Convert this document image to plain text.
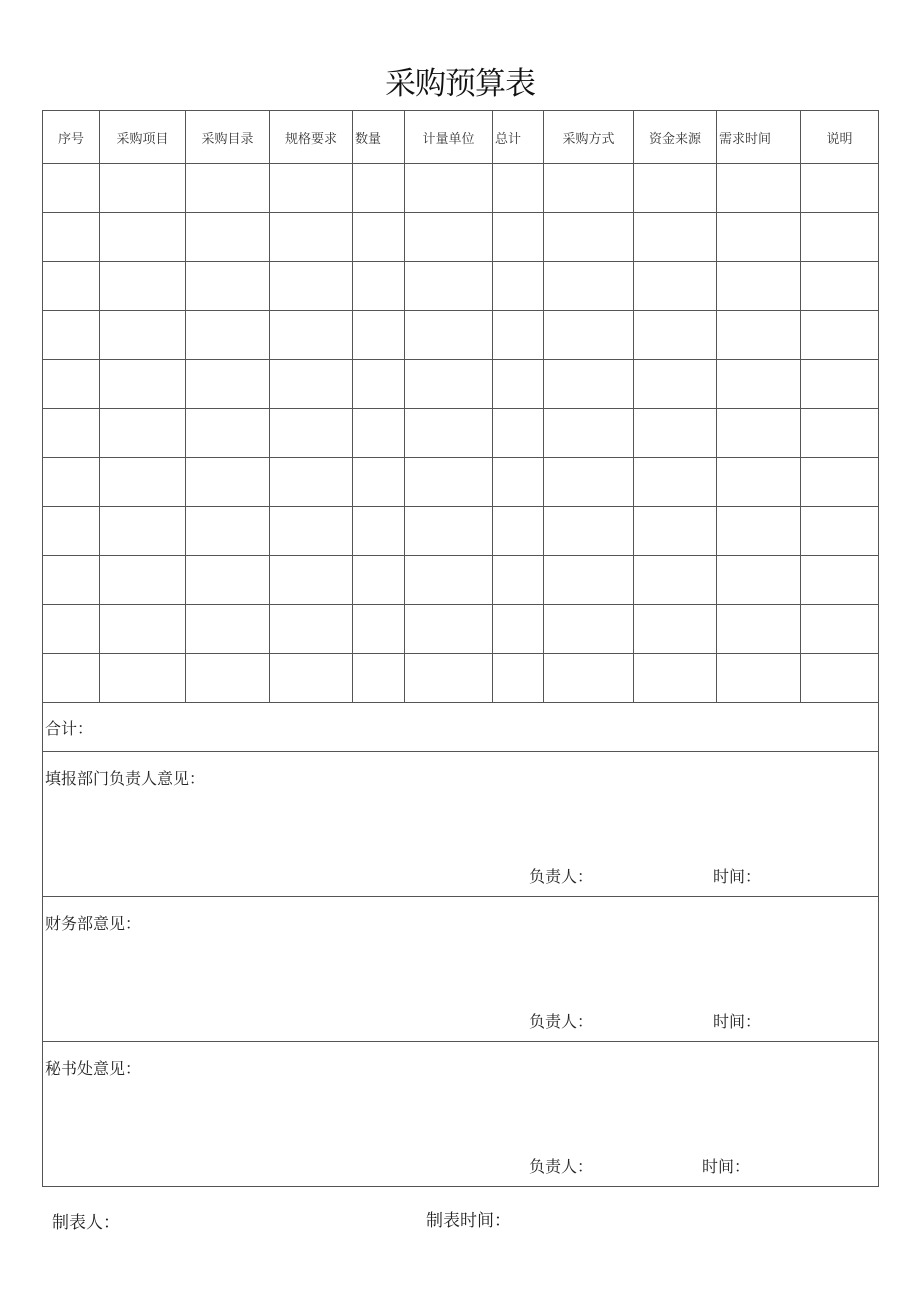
采购预算表
序号	采购项目	采购目录	规格要求	数量	计量单位	总计	采购方式	资金来源	需求时间	说明

合计：										

填报部门负责人意见：
负责人： 时间：										

财务部意见：
负责人： 时间：										

秘书处意见：
负责人： 时间：										
制表人：	制表时间：
